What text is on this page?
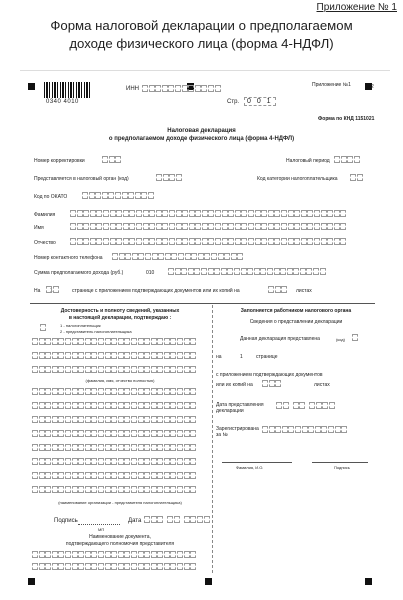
Приложение № 1
Форма налоговой декларации о предполагаемом
доходе физического лица (форма 4-НДФЛ)
0340 4010
ИНН
Приложение №1	2
Стр.	0 0 1
Форма по КНД 1151021
Налоговая декларация
о предполагаемом доходе физического лица (форма 4-НДФЛ)
Номер корректировки	Налоговый период
Представляется в налоговый орган (код)	Код категории налогоплательщика
Код по ОКАТО
Фамилия
Имя
Отчество
Номер контактного телефона
Сумма предполагаемого дохода (руб.)	010
На 1	странице с приложением подтверждающих документов или их копий на	листах
Достоверность и полноту сведений, указанных
в настоящей декларации, подтверждаю :
1 - налогоплательщик
2 - представитель налогоплательщика
(фамилия, имя, отчество полностью)
(наименование организации - представителя налогоплательщика)
Подпись
МП
Дата
Наименование документа,
подтверждающего полномочия представителя
Заполняется работником налогового органа
Сведения о представлении декларации
Данная декларация представлена	(код)
на	1	странице
с приложением подтверждающих документов
или их копий на	листах
Дата представления
декларации
Зарегистрирована
за №
Фамилия, И.О.	Подпись
